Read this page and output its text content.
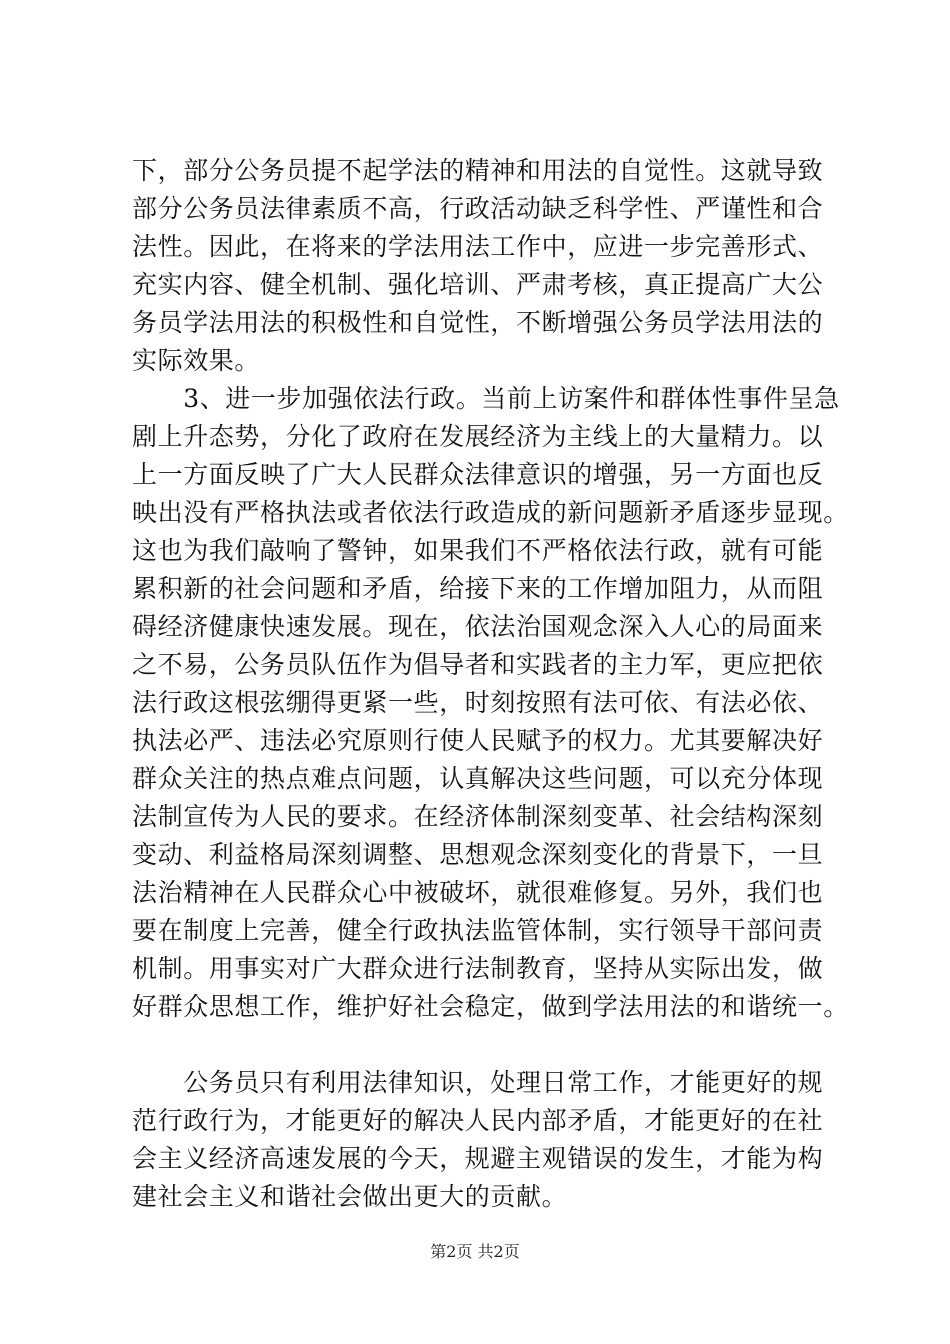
下，部分公务员提不起学法的精神和用法的自觉性。这就导致
部分公务员法律素质不高，行政活动缺乏科学性、严谨性和合
法性。因此，在将来的学法用法工作中，应进一步完善形式、
充实内容、健全机制、强化培训、严肃考核，真正提高广大公
务员学法用法的积极性和自觉性，不断增强公务员学法用法的
实际效果。
　　3、进一步加强依法行政。当前上访案件和群体性事件呈急
剧上升态势，分化了政府在发展经济为主线上的大量精力。以
上一方面反映了广大人民群众法律意识的增强，另一方面也反
映出没有严格执法或者依法行政造成的新问题新矛盾逐步显现。
这也为我们敲响了警钟，如果我们不严格依法行政，就有可能
累积新的社会问题和矛盾，给接下来的工作增加阻力，从而阻
碍经济健康快速发展。现在，依法治国观念深入人心的局面来
之不易，公务员队伍作为倡导者和实践者的主力军，更应把依
法行政这根弦绷得更紧一些，时刻按照有法可依、有法必依、
执法必严、违法必究原则行使人民赋予的权力。尤其要解决好
群众关注的热点难点问题，认真解决这些问题，可以充分体现
法制宣传为人民的要求。在经济体制深刻变革、社会结构深刻
变动、利益格局深刻调整、思想观念深刻变化的背景下，一旦
法治精神在人民群众心中被破坏，就很难修复。另外，我们也
要在制度上完善，健全行政执法监管体制，实行领导干部问责
机制。用事实对广大群众进行法制教育，坚持从实际出发，做
好群众思想工作，维护好社会稳定，做到学法用法的和谐统一。
　　公务员只有利用法律知识，处理日常工作，才能更好的规
范行政行为，才能更好的解决人民内部矛盾，才能更好的在社
会主义经济高速发展的今天，规避主观错误的发生，才能为构
建社会主义和谐社会做出更大的贡献。
第2页 共2页
